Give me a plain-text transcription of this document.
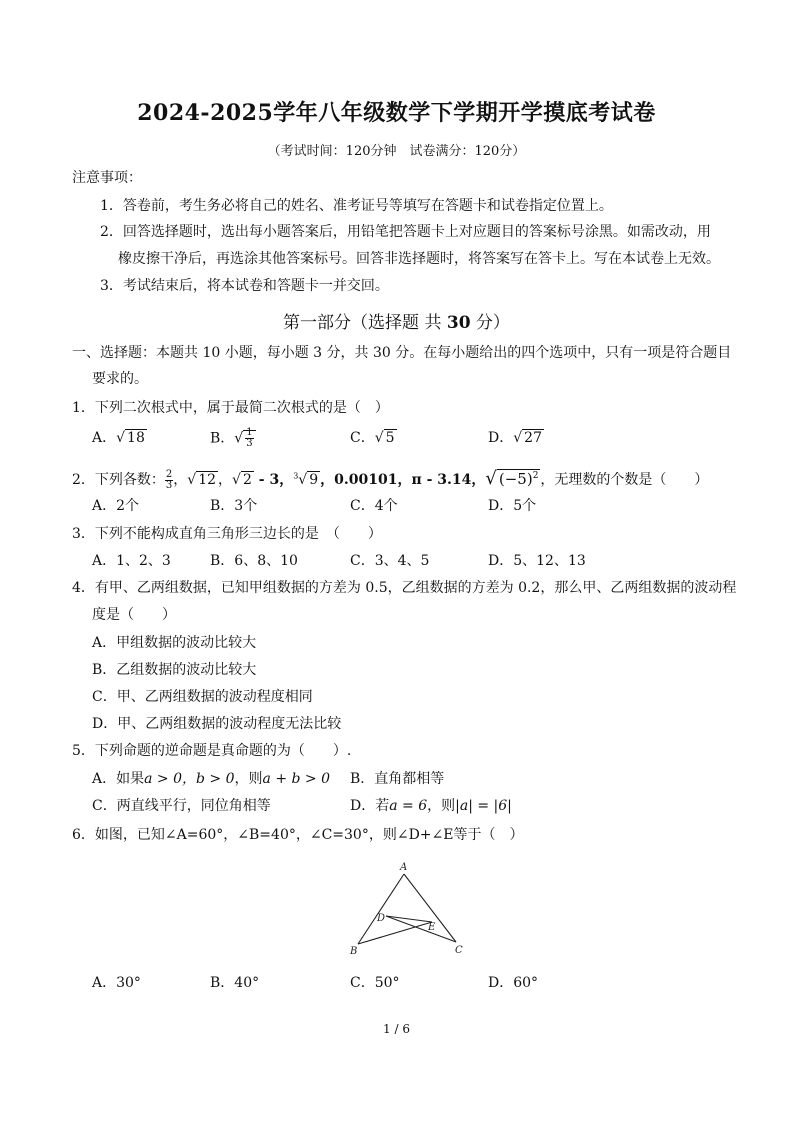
2024-2025学年八年级数学下学期开学摸底考试卷
（考试时间：120分钟　试卷满分：120分）
注意事项：
1．答卷前，考生务必将自己的姓名、准考证号等填写在答题卡和试卷指定位置上。
2．回答选择题时，选出每小题答案后，用铅笔把答题卡上对应题目的答案标号涂黑。如需改动，用
橡皮擦干净后，再选涂其他答案标号。回答非选择题时，将答案写在答卡上。写在本试卷上无效。
3．考试结束后，将本试卷和答题卡一并交回。
第一部分（选择题 共 30 分）
一、选择题：本题共 10 小题，每小题 3 分，共 30 分。在每小题给出的四个选项中，只有一项是符合题目
要求的。
1．下列二次根式中，属于最简二次根式的是（　）
A．√ 18	B．√ $\frac{1}{3}$	C．√ 5	D．√ 27
2．下列各数： $\frac{2}{3}$ ，√ 12 ，√ 2 - 3，$^3$√ 9 ，0.00101，π - 3.14，√ $(-5)^2$ ，无理数的个数是（　　）
A．2个	B．3个	C．4个	D．5个
3．下列不能构成直角三角形三边长的是　（　　）
A．1、2、3	B．6、8、10	C．3、4、5	D．5、12、13
4．有甲、乙两组数据，已知甲组数据的方差为 0.5，乙组数据的方差为 0.2，那么甲、乙两组数据的波动程
度是（　　）
A．甲组数据的波动比较大
B．乙组数据的波动比较大
C．甲、乙两组数据的波动程度相同
D．甲、乙两组数据的波动程度无法比较
5．下列命题的逆命题是真命题的为（　　）.
A．如果a > 0，b > 0，则a + b > 0 B．直角都相等
C．两直线平行，同位角相等	D．若a = 6，则|a| = |6|
6．如图，已知∠A=60°，∠B=40°，∠C=30°，则∠D+∠E等于（　）
A
B	C
D
E
A．30°	B．40°	C．50°	D．60°
1 / 6
